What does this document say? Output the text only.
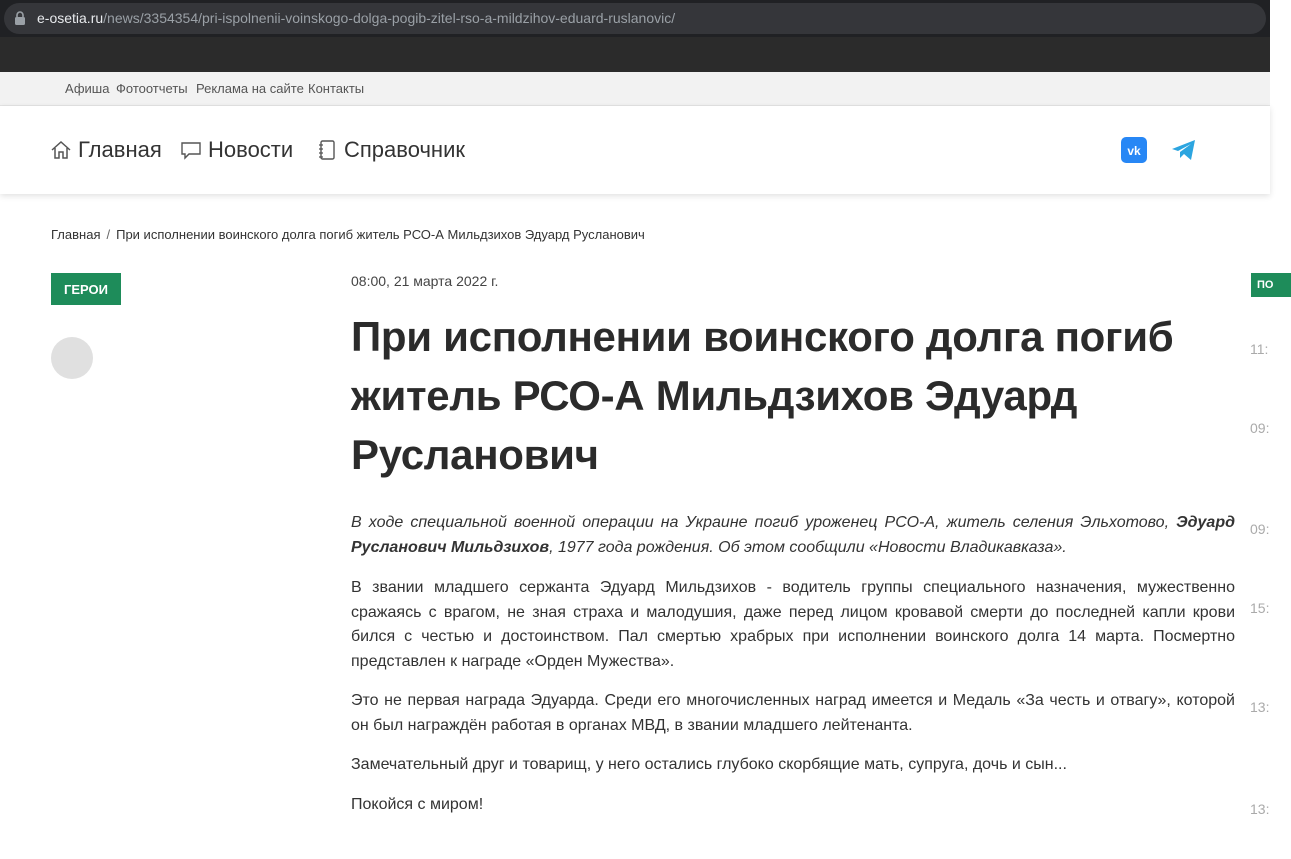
e-osetia.ru/news/3354354/pri-ispolnenii-voinskogo-dolga-pogib-zitel-rso-a-mildzihov-eduard-ruslanovic/
Афиша Фотоотчеты Реклама на сайте Контакты
Главная Новости Справочник	vk
Главная / При исполнении воинского долга погиб житель РСО-А Мильдзихов Эдуард Русланович
ГЕРОИ	08:00, 21 марта 2022 г.
При исполнении воинского долга погиб житель РСО-А Мильдзихов Эдуард Русланович

В ходе специальной военной операции на Украине погиб уроженец РСО-А, житель селения Эльхотово, Эдуард Русланович Мильдзихов, 1977 года рождения. Об этом сообщили «Новости Владикавказа».

В звании младшего сержанта Эдуард Мильдзихов - водитель группы специального назначения, мужественно сражаясь с врагом, не зная страха и малодушия, даже перед лицом кровавой смерти до последней капли крови бился с честью и достоинством. Пал смертью храбрых при исполнении воинского долга 14 марта. Посмертно представлен к награде «Орден Мужества».

Это не первая награда Эдуарда. Среди его многочисленных наград имеется и Медаль «За честь и отвагу», которой он был награждён работая в органах МВД, в звании младшего лейтенанта.

Замечательный друг и товарищ, у него остались глубоко скорбящие мать, супруга, дочь и сын...

Покойся с миром!

ПО
11:
09:
09:
15:
13:
13:
